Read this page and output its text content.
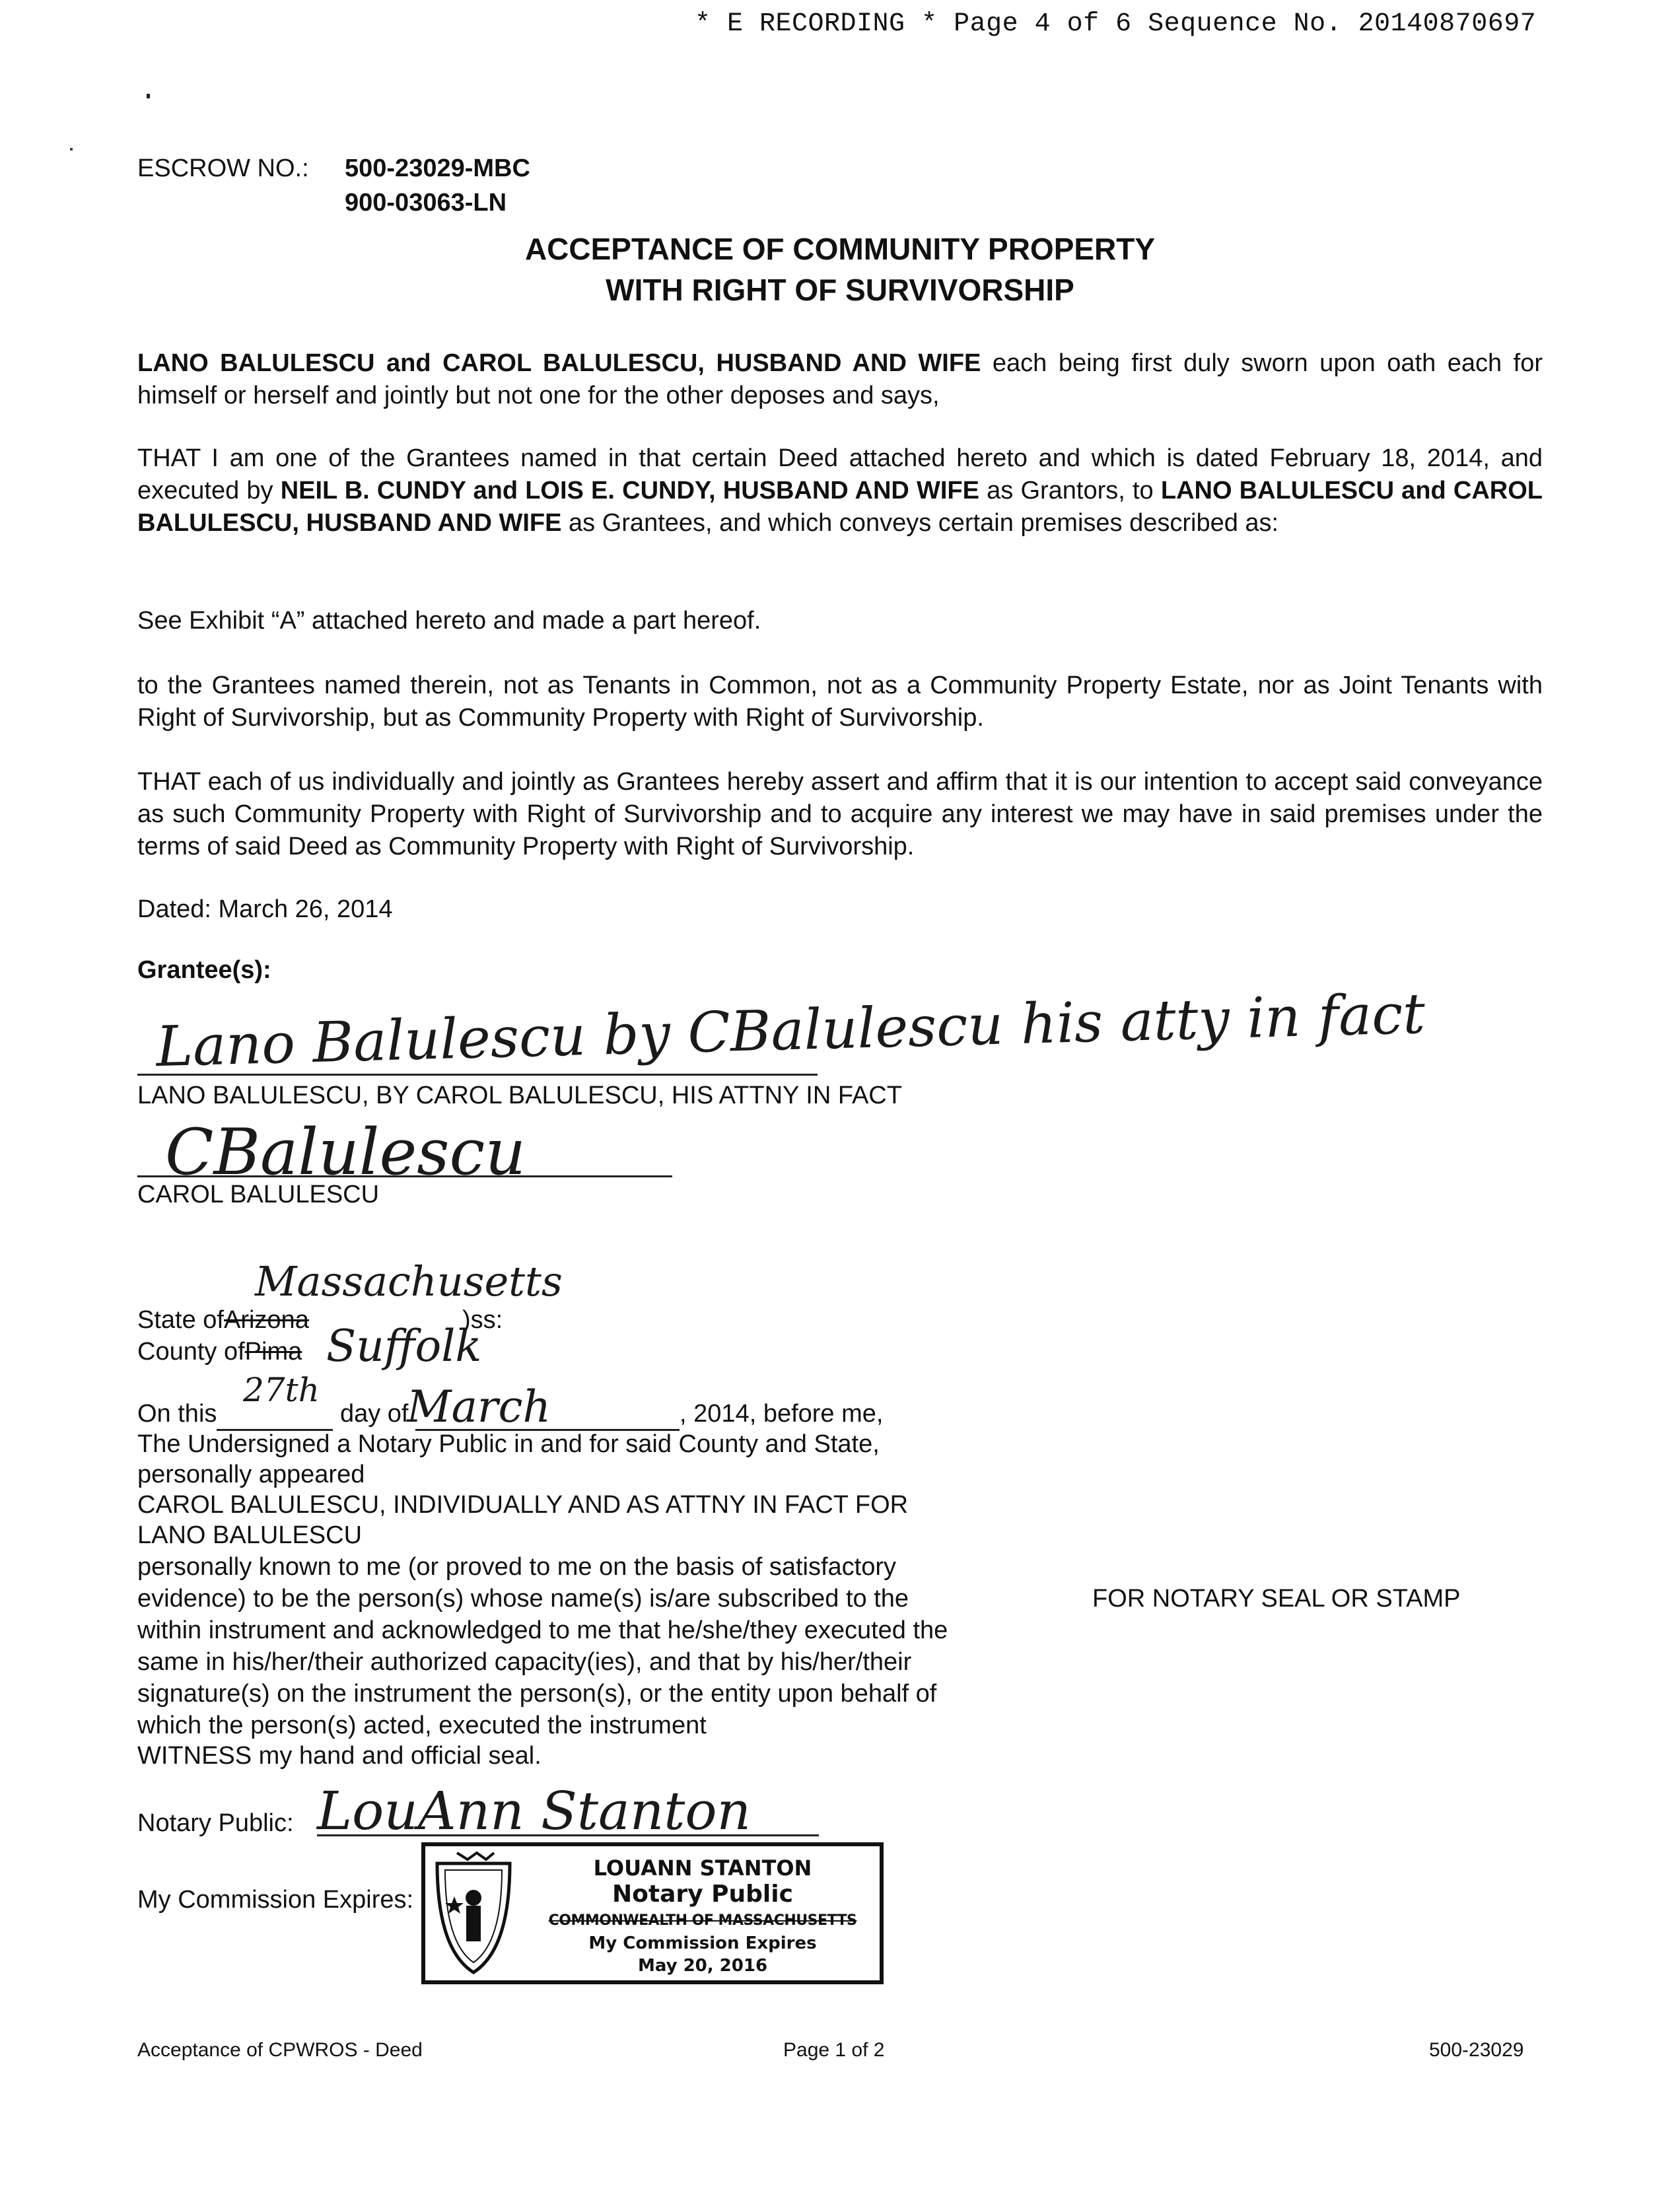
* E RECORDING * Page 4 of 6 Sequence No. 20140870697
ESCROW NO.: 500-23029-MBC
900-03063-LN
ACCEPTANCE OF COMMUNITY PROPERTY
WITH RIGHT OF SURVIVORSHIP
LANO BALULESCU and CAROL BALULESCU, HUSBAND AND WIFE each being first duly sworn upon oath each for himself or herself and jointly but not one for the other deposes and says,
THAT I am one of the Grantees named in that certain Deed attached hereto and which is dated February 18, 2014, and executed by NEIL B. CUNDY and LOIS E. CUNDY, HUSBAND AND WIFE as Grantors, to LANO BALULESCU and CAROL BALULESCU, HUSBAND AND WIFE as Grantees, and which conveys certain premises described as:
See Exhibit “A” attached hereto and made a part hereof.
to the Grantees named therein, not as Tenants in Common, not as a Community Property Estate, nor as Joint Tenants with Right of Survivorship, but as Community Property with Right of Survivorship.
THAT each of us individually and jointly as Grantees hereby assert and affirm that it is our intention to accept said conveyance as such Community Property with Right of Survivorship and to acquire any interest we may have in said premises under the terms of said Deed as Community Property with Right of Survivorship.
Dated: March 26, 2014
Grantee(s):
Lano Balulescu by CBalulescu his atty in fact
LANO BALULESCU, BY CAROL BALULESCU, HIS ATTNY IN FACT
CBalulescu
CAROL BALULESCU
Massachusetts
State ofArizona	)ss:
County ofPima Suffolk
27th March
On this	day of	, 2014, before me,
The Undersigned a Notary Public in and for said County and State,
personally appeared
CAROL BALULESCU, INDIVIDUALLY AND AS ATTNY IN FACT FOR
LANO BALULESCU
personally known to me (or proved to me on the basis of satisfactory
evidence) to be the person(s) whose name(s) is/are subscribed to the
within instrument and acknowledged to me that he/she/they executed the
same in his/her/their authorized capacity(ies), and that by his/her/their
signature(s) on the instrument the person(s), or the entity upon behalf of
which the person(s) acted, executed the instrument
WITNESS my hand and official seal.
FOR NOTARY SEAL OR STAMP
Notary Public: LouAnn Stanton
My Commission Expires:
LOUANN STANTON
Notary Public
COMMONWEALTH OF MASSACHUSETTS
My Commission Expires
May 20, 2016
Acceptance of CPWROS - Deed	Page 1 of 2	500-23029
